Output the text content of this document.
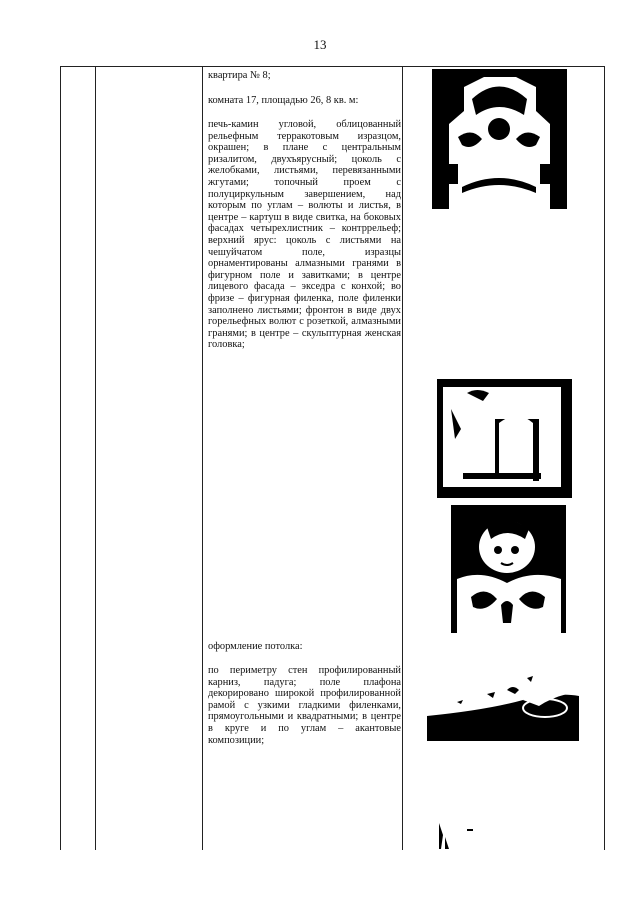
13
квартира № 8;
комната 17, площадью 26, 8 кв. м:
печь-камин угловой, облицованный рельефным терракотовым изразцом, окрашен; в плане с центральным ризалитом, двухъярусный; цоколь с желобками, листьями, перевязанными жгутами; топочный проем с полуциркульным завершением, над которым по углам – волюты и листья, в центре – картуш в виде свитка, на боковых фасадах четырехлистник – контррельеф; верхний ярус: цоколь с листьями на чешуйчатом поле, изразцы орнаментированы алмазными гранями в фигурном поле и завитками; в центре лицевого фасада – экседра с конхой; во фризе – фигурная филенка, поле филенки заполнено листьями; фронтон в виде двух горельефных волют с розеткой, алмазными гранями; в центре – скульптурная женская головка;
оформление потолка:
по периметру стен профилированный карниз, падуга; поле плафона декорировано широкой профилированной рамой с узкими гладкими филенками, прямоугольными и квадратными; в центре в круге и по углам – акантовые композиции;
